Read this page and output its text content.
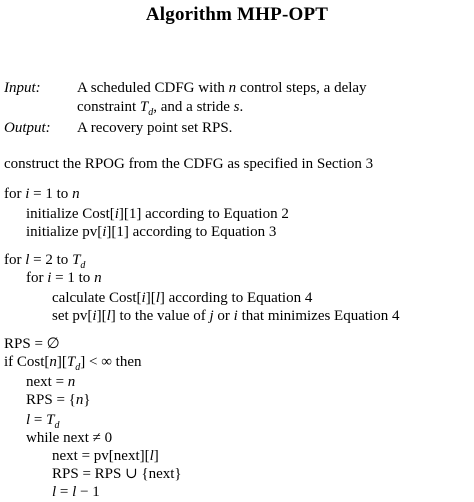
Algorithm MHP-OPT
Input: A scheduled CDFG with n control steps, a delay
constraint $T_d$, and a stride s.
Output: A recovery point set RPS.
construct the RPOG from the CDFG as specified in Section 3
for i = 1 to n
initialize Cost[i][1] according to Equation 2
initialize pv[i][1] according to Equation 3
for l = 2 to $T_d$
for i = 1 to n
calculate Cost[i][l] according to Equation 4
set pv[i][l] to the value of j or i that minimizes Equation 4
RPS = ∅
if $Cost[n][T_d]$ < ∞ then
next = n
RPS = {n}
$l = T_d$
while next ≠ 0
next = pv[next][l]
RPS = RPS ∪ {next}
l = l − 1
